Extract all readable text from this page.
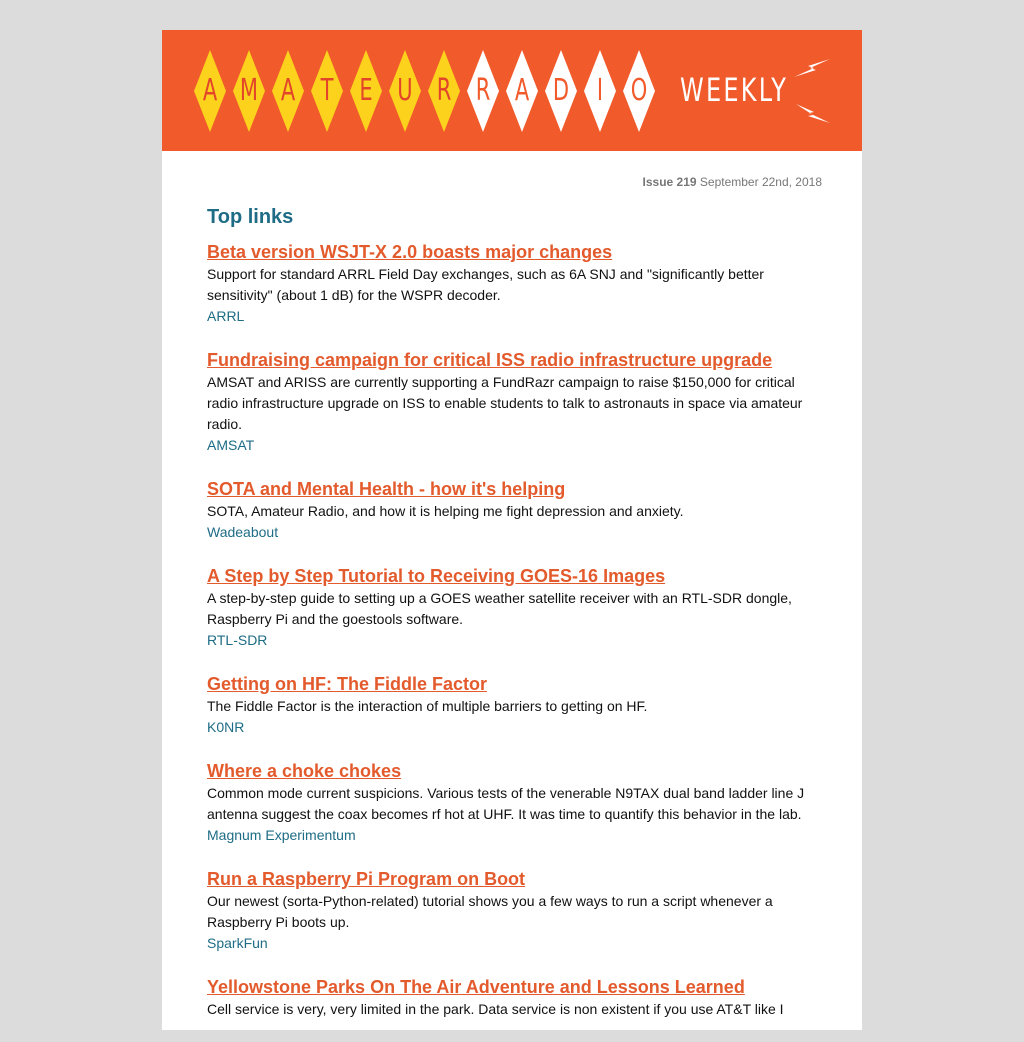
A M A T E U R R A D I O WEEKLY
Issue 219 September 22nd, 2018
Top links
Beta version WSJT-X 2.0 boasts major changes
Support for standard ARRL Field Day exchanges, such as 6A SNJ and "significantly better sensitivity" (about 1 dB) for the WSPR decoder.
ARRL
Fundraising campaign for critical ISS radio infrastructure upgrade
AMSAT and ARISS are currently supporting a FundRazr campaign to raise $150,000 for critical radio infrastructure upgrade on ISS to enable students to talk to astronauts in space via amateur radio.
AMSAT
SOTA and Mental Health - how it's helping
SOTA, Amateur Radio, and how it is helping me fight depression and anxiety.
Wadeabout
A Step by Step Tutorial to Receiving GOES-16 Images
A step-by-step guide to setting up a GOES weather satellite receiver with an RTL-SDR dongle, Raspberry Pi and the goestools software.
RTL-SDR
Getting on HF: The Fiddle Factor
The Fiddle Factor is the interaction of multiple barriers to getting on HF.
K0NR
Where a choke chokes
Common mode current suspicions. Various tests of the venerable N9TAX dual band ladder line J antenna suggest the coax becomes rf hot at UHF. It was time to quantify this behavior in the lab.
Magnum Experimentum
Run a Raspberry Pi Program on Boot
Our newest (sorta-Python-related) tutorial shows you a few ways to run a script whenever a Raspberry Pi boots up.
SparkFun
Yellowstone Parks On The Air Adventure and Lessons Learned
Cell service is very, very limited in the park. Data service is non existent if you use AT&T like I
